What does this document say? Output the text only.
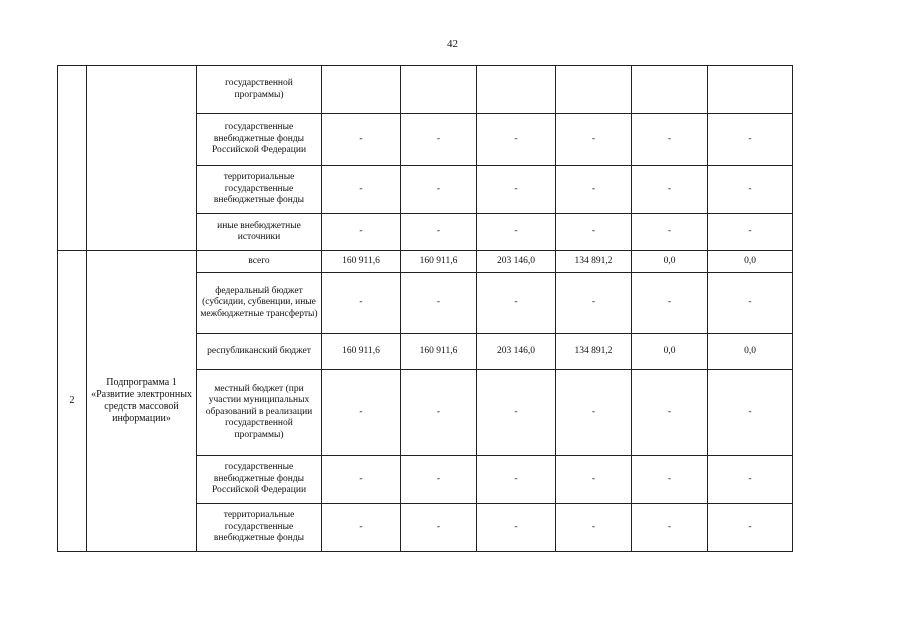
42
		государственной программы)						
		государственные внебюджетные фонды Российской Федерации	-	-	-	-	-	-
		территориальные государственные внебюджетные фонды	-	-	-	-	-	-
		иные внебюджетные источники	-	-	-	-	-	-
2	Подпрограмма 1 «Развитие электронных средств массовой информации»	всего	160 911,6	160 911,6	203 146,0	134 891,2	0,0	0,0
		федеральный бюджет (субсидии, субвенции, иные межбюджетные трансферты)	-	-	-	-	-	-
		республиканский бюджет	160 911,6	160 911,6	203 146,0	134 891,2	0,0	0,0
		местный бюджет (при участии муниципальных образований в реализации государственной программы)	-	-	-	-	-	-
		государственные внебюджетные фонды Российской Федерации	-	-	-	-	-	-
		территориальные государственные внебюджетные фонды	-	-	-	-	-	-
